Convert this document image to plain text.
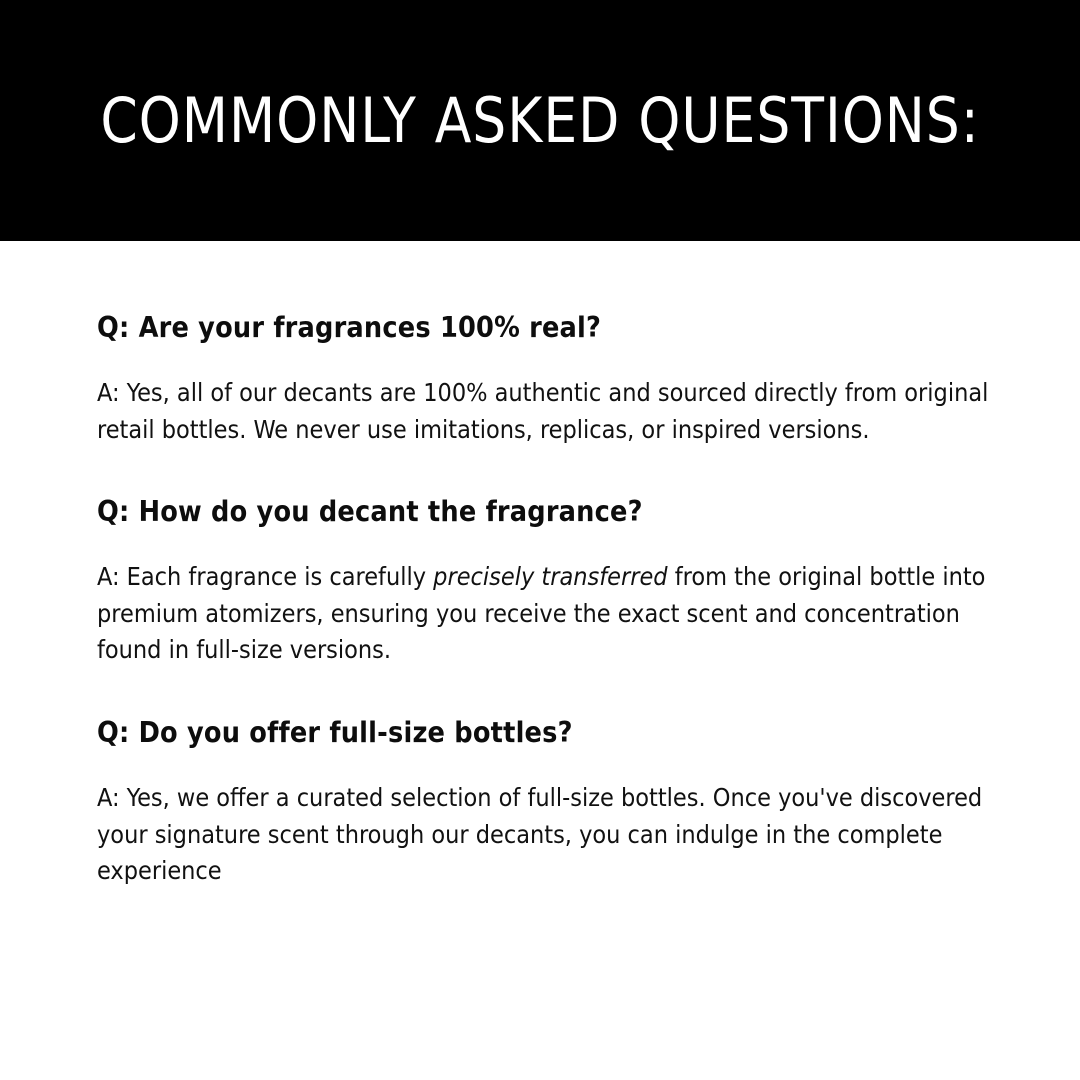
COMMONLY ASKED QUESTIONS:

Q: Are your fragrances 100% real?

A: Yes, all of our decants are 100% authentic and sourced directly from original retail bottles. We never use imitations, replicas, or inspired versions.

Q: How do you decant the fragrance?

A: Each fragrance is carefully precisely transferred from the original bottle into premium atomizers, ensuring you receive the exact scent and concentration found in full-size versions.

Q: Do you offer full-size bottles?

A: Yes, we offer a curated selection of full-size bottles. Once you've discovered your signature scent through our decants, you can indulge in the complete experience
